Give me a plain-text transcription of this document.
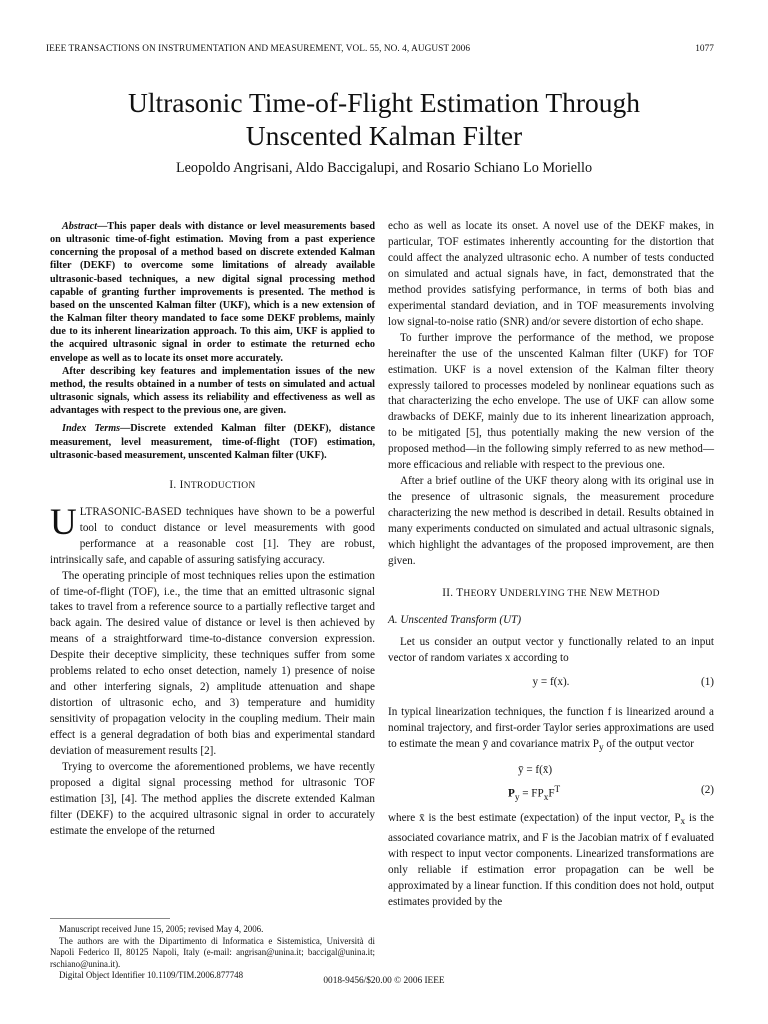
IEEE TRANSACTIONS ON INSTRUMENTATION AND MEASUREMENT, VOL. 55, NO. 4, AUGUST 2006	1077
Ultrasonic Time-of-Flight Estimation Through
Unscented Kalman Filter
Leopoldo Angrisani, Aldo Baccigalupi, and Rosario Schiano Lo Moriello

Abstract—This paper deals with distance or level measurements based on ultrasonic time-of-fight estimation. Moving from a past experience concerning the proposal of a method based on discrete extended Kalman filter (DEKF) to overcome some limitations of already available ultrasonic-based techniques, a new digital signal processing method capable of granting further improvements is presented. The method is based on the unscented Kalman filter (UKF), which is a new extension of the Kalman filter theory mandated to face some DEKF problems, mainly due to its inherent linearization approach. To this aim, UKF is applied to the acquired ultrasonic signal in order to estimate the returned echo envelope as well as to locate its onset more accurately.

After describing key features and implementation issues of the new method, the results obtained in a number of tests on simulated and actual ultrasonic signals, which assess its reliability and effectiveness as well as advantages with respect to the previous one, are given.

Index Terms—Discrete extended Kalman filter (DEKF), distance measurement, level measurement, time-of-flight (TOF) estimation, ultrasonic-based measurement, unscented Kalman filter (UKF).

I. INTRODUCTION

ULTRASONIC-BASED techniques have shown to be a powerful tool to conduct distance or level measurements with good performance at a reasonable cost [1]. They are robust, intrinsically safe, and capable of assuring satisfying accuracy.

The operating principle of most techniques relies upon the estimation of time-of-flight (TOF), i.e., the time that an emitted ultrasonic signal takes to travel from a reference source to a partially reflective target and back again. The desired value of distance or level is then achieved by means of a straightforward time-to-distance conversion expression. Despite their deceptive simplicity, these techniques suffer from some problems related to echo onset detection, namely 1) presence of noise and other interfering signals, 2) amplitude attenuation and shape distortion of ultrasonic echo, and 3) temperature and humidity sensitivity of propagation velocity in the coupling medium. Their main effect is a general degradation of both bias and experimental standard deviation of measurement results [2].

Trying to overcome the aforementioned problems, we have recently proposed a digital signal processing method for ultrasonic TOF estimation [3], [4]. The method applies the discrete extended Kalman filter (DEKF) to the acquired ultrasonic signal in order to accurately estimate the envelope of the returned

Manuscript received June 15, 2005; revised May 4, 2006.

The authors are with the Dipartimento di Informatica e Sistemistica, Università di Napoli Federico II, 80125 Napoli, Italy (e-mail: angrisan@unina.it; baccigal@unina.it; rschiano@unina.it).

Digital Object Identifier 10.1109/TIM.2006.877748

echo as well as locate its onset. A novel use of the DEKF makes, in particular, TOF estimates inherently accounting for the distortion that could affect the analyzed ultrasonic echo. A number of tests conducted on simulated and actual signals have, in fact, demonstrated that the method provides satisfying performance, in terms of both bias and experimental standard deviation, and in TOF measurements involving low signal-to-noise ratio (SNR) and/or severe distortion of echo shape.

To further improve the performance of the method, we propose hereinafter the use of the unscented Kalman filter (UKF) for TOF estimation. UKF is a novel extension of the Kalman filter theory expressly tailored to processes modeled by nonlinear equations such as that characterizing the echo envelope. The use of UKF can allow some drawbacks of DEKF, mainly due to its inherent linearization approach, to be mitigated [5], thus potentially making the new version of the proposed method—in the following simply referred to as new method—more efficacious and reliable with respect to the previous one.

After a brief outline of the UKF theory along with its original use in the presence of ultrasonic signals, the measurement procedure characterizing the new method is described in detail. Results obtained in many experiments conducted on simulated and actual ultrasonic signals, which highlight the advantages of the proposed improvement, are then given.

II. THEORY UNDERLYING THE NEW METHOD
A. Unscented Transform (UT)

Let us consider an output vector y functionally related to an input vector of random variates x according to

y = f(x).	(1)

In typical linearization techniques, the function f is linearized around a nominal trajectory, and first-order Taylor series approximations are used to estimate the mean ȳ and covariance matrix $P_y$ of the output vector

ȳ = f(x̄)
$P_y = FP_xF^T$	(2)

where x̄ is the best estimate (expectation) of the input vector, $P_x$ is the associated covariance matrix, and F is the Jacobian matrix of f evaluated with respect to input vector components. Linearized transformations are only reliable if estimation error propagation can be well be approximated by a linear function. If this condition does not hold, output estimates provided by the

0018-9456/$20.00 © 2006 IEEE
